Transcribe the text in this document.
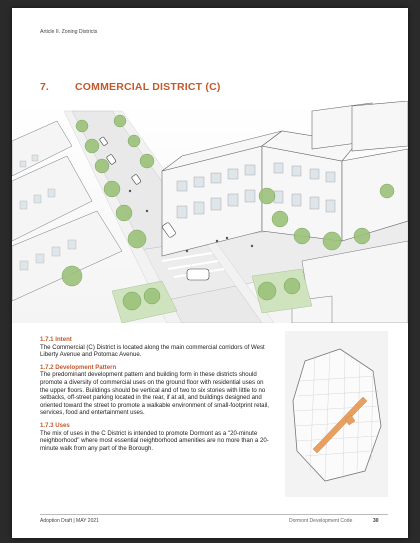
Article II. Zoning Districts
7. COMMERCIAL DISTRICT (C)
1.7.1 Intent

The Commercial (C) District is located along the main commercial corridors of West Liberty Avenue and Potomac Avenue.

1.7.2 Development Pattern

The predominant development pattern and building form in these districts should promote a diversity of commercial uses on the ground floor with residential uses on the upper floors. Buildings should be vertical and of two to six stories with little to no setbacks, off-street parking located in the rear, if at all, and buildings designed and oriented toward the street to promote a walkable environment of small-footprint retail, services, food and entertainment uses.

1.7.3 Uses

The mix of uses in the C District is intended to promote Dormont as a "20-minute neighborhood" where most essential neighborhood amenities are no more than a 20-minute walk from any part of the Borough.

Adoption Draft | MAY 2021	Dormont Development Code	30
